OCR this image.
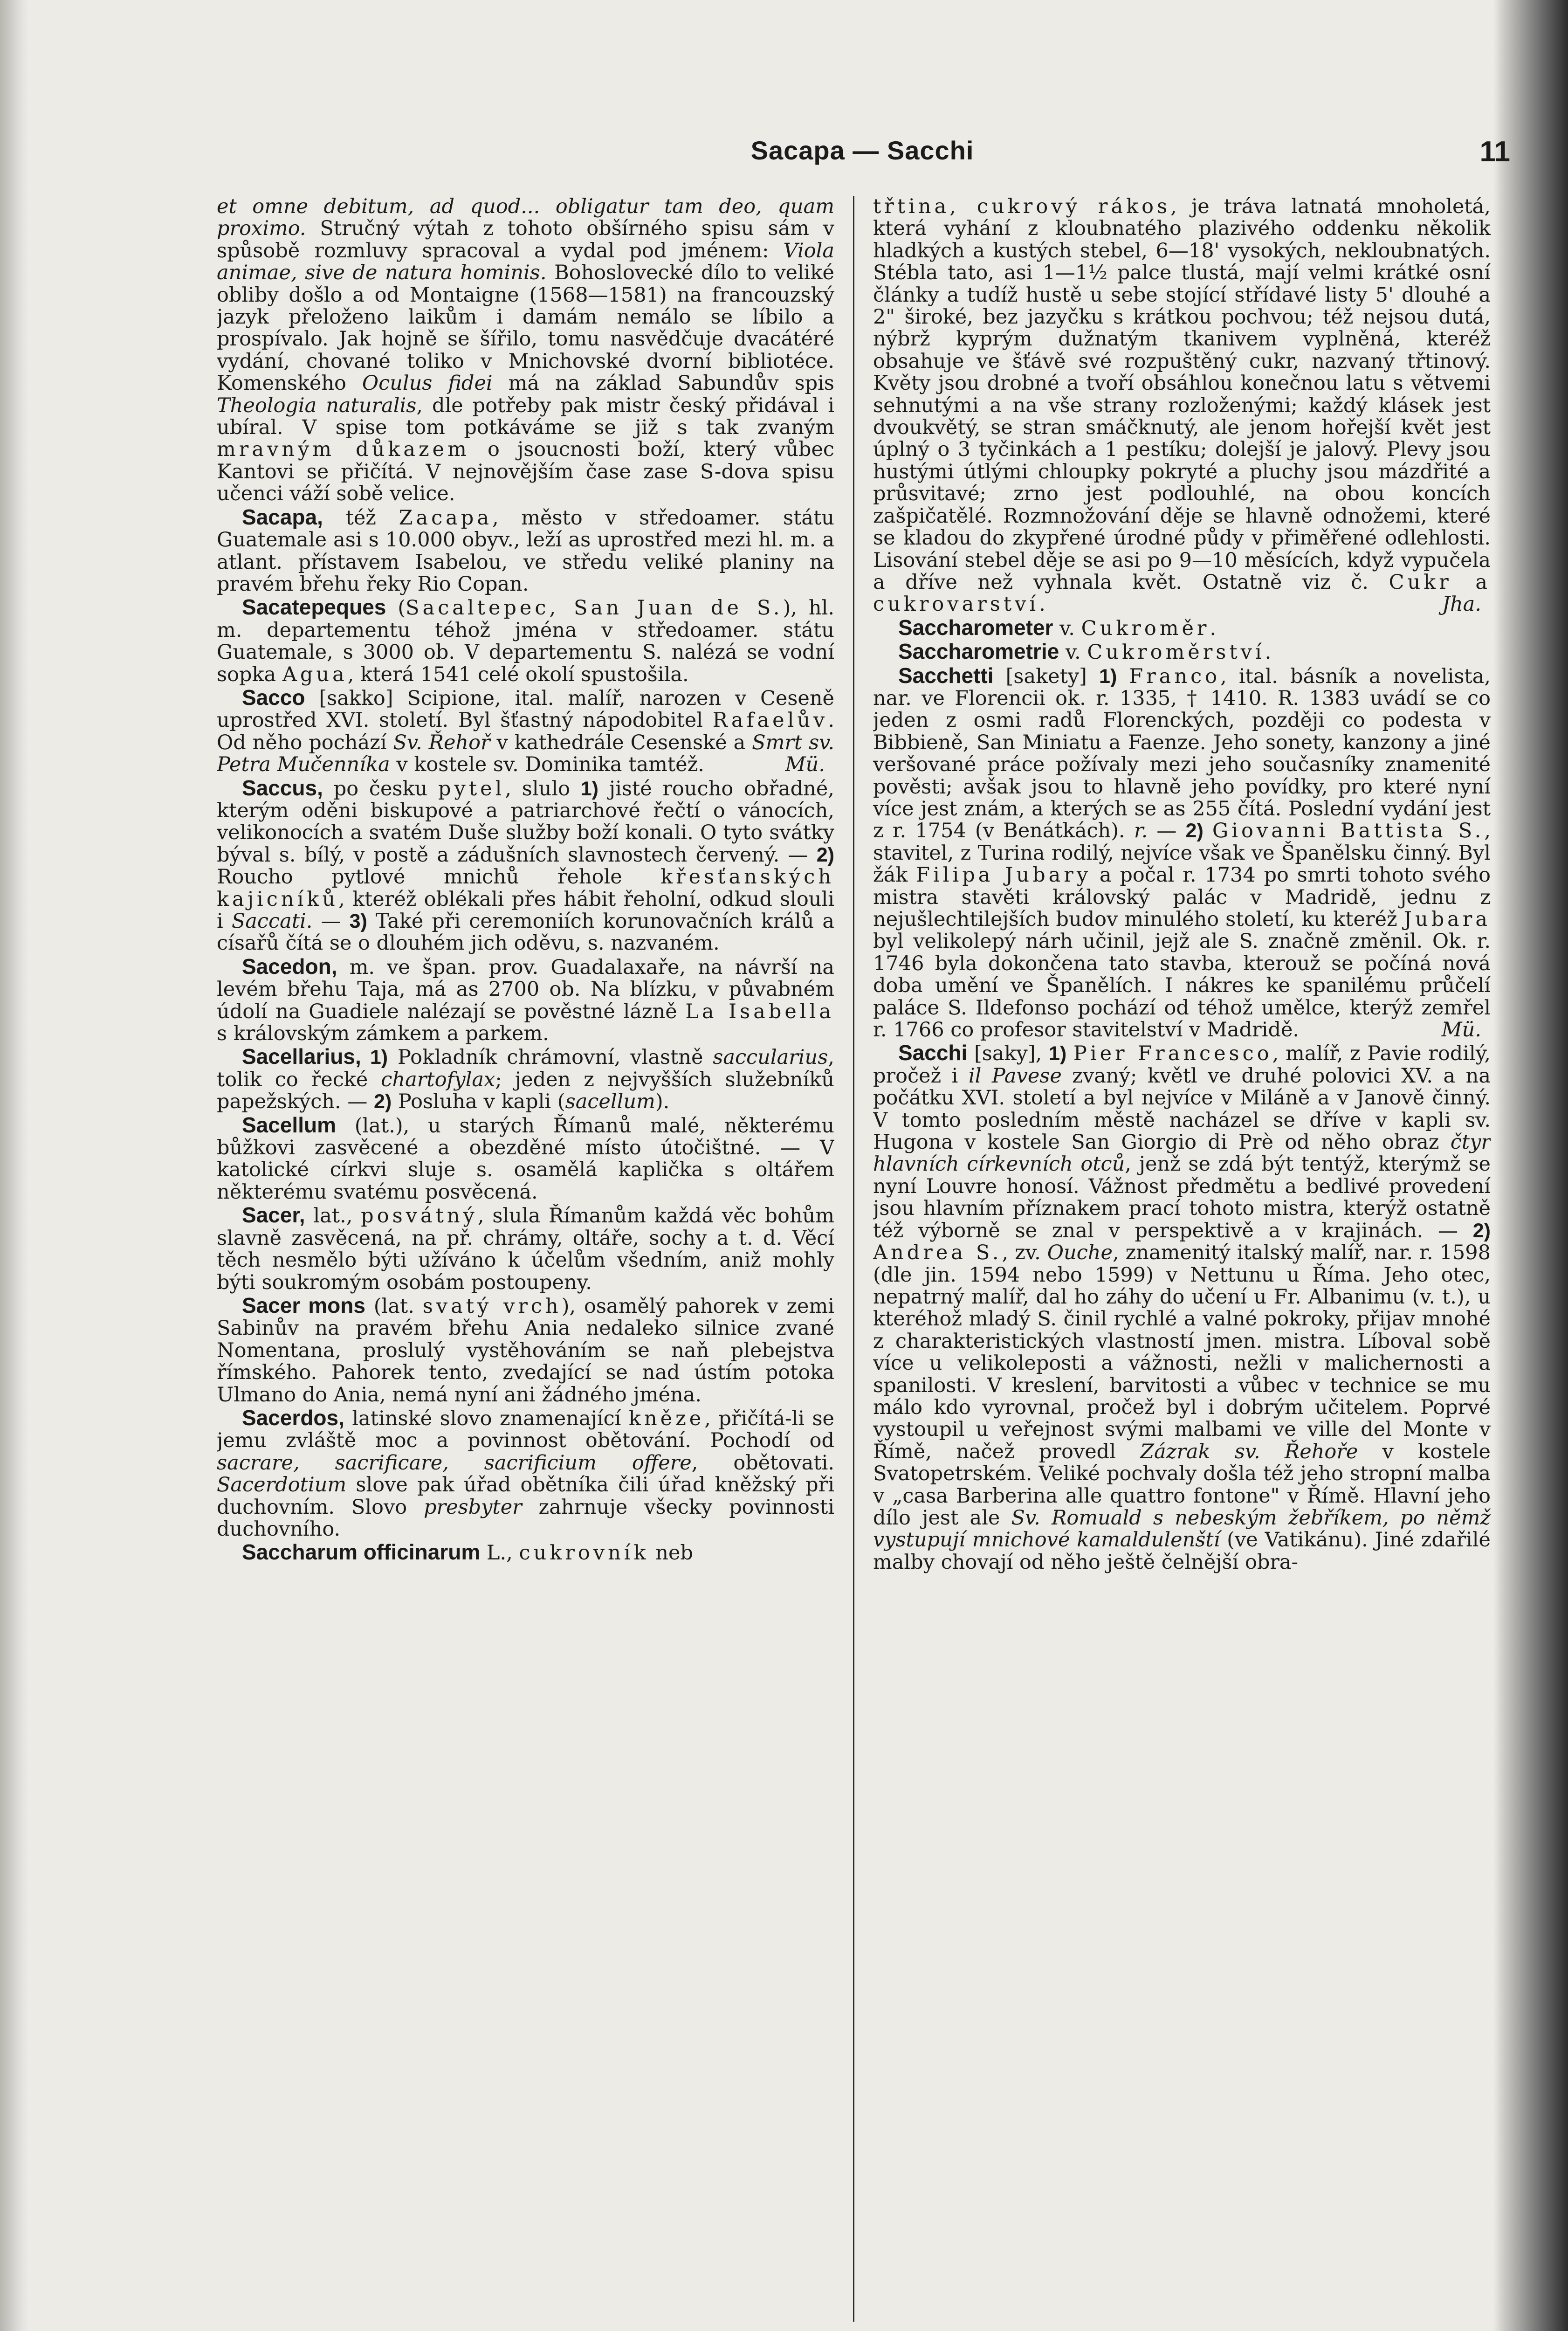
Sacapa — Sacchi	11

et omne debitum, ad quod... obligatur tam deo, quam proximo. Stručný výtah z tohoto obšírného spisu sám v spůsobě rozmluvy spracoval a vydal pod jménem: Viola animae, sive de natura hominis. Bohoslovecké dílo to veliké obliby došlo a od Montaigne (1568—1581) na francouzský jazyk přeloženo laikům i damám nemálo se líbilo a prospívalo. Jak hojně se šířilo, tomu nasvědčuje dvacátéré vydání, chované toliko v Mnichovské dvorní bibliotéce. Komenského Oculus fidei má na základ Sabundův spis Theologia naturalis, dle potřeby pak mistr český přidával i ubíral. V spise tom potkáváme se již s tak zvaným mravným důkazem o jsoucnosti boží, který vůbec Kantovi se přičítá. V nejnovějším čase zase S-dova spisu učenci váží sobě velice.

Sacapa, též Zacapa, město v středoamer. státu Guatemale asi s 10.000 obyv., leží as uprostřed mezi hl. m. a atlant. přístavem Isabelou, ve středu veliké planiny na pravém břehu řeky Rio Copan.

Sacatepeques (Sacaltepec, San Juan de S.), hl. m. departementu téhož jména v středoamer. státu Guatemale, s 3000 ob. V departementu S. nalézá se vodní sopka Agua, která 1541 celé okolí spustošila.

Sacco [sakko] Scipione, ital. malíř, narozen v Ceseně uprostřed XVI. století. Byl šťastný nápodobitel Rafaelův. Od něho pochází Sv. Řehoř v kathedrále Cesenské a Smrt sv. Petra Mučenníka v kostele sv. Dominika tamtéž.	Mü.

Saccus, po česku pytel, slulo 1) jisté roucho obřadné, kterým oděni biskupové a patriarchové řečtí o vánocích, velikonocích a svatém Duše služby boží konali. O tyto svátky býval s. bílý, v postě a zádušních slavnostech červený. — 2) Roucho pytlové mnichů řehole křesťanských kajicníků, kteréž oblékali přes hábit řeholní, odkud slouli i Saccati. — 3) Také při ceremoniích korunovačních králů a císařů čítá se o dlouhém jich oděvu, s. nazvaném.

Sacedon, m. ve špan. prov. Guadalaxaře, na návrší na levém břehu Taja, má as 2700 ob. Na blízku, v půvabném údolí na Guadiele nalézají se pověstné lázně La Isabella s královským zámkem a parkem.

Sacellarius, 1) Pokladník chrámovní, vlastně saccularius, tolik co řecké chartofylax; jeden z nejvyšších služebníků papežských. — 2) Posluha v kapli (sacellum).

Sacellum (lat.), u starých Římanů malé, některému bůžkovi zasvěcené a obezděné místo útočištné. — V katolické církvi sluje s. osamělá kaplička s oltářem některému svatému posvěcená.

Sacer, lat., posvátný, slula Římanům každá věc bohům slavně zasvěcená, na př. chrámy, oltáře, sochy a t. d. Věcí těch nesmělo býti užíváno k účelům všedním, aniž mohly býti soukromým osobám postoupeny.

Sacer mons (lat. svatý vrch), osamělý pahorek v zemi Sabinův na pravém břehu Ania nedaleko silnice zvané Nomentana, proslulý vystěhováním se naň plebejstva římského. Pahorek tento, zvedající se nad ústím potoka Ulmano do Ania, nemá nyní ani žádného jména.

Sacerdos, latinské slovo znamenající kněze, přičítá-li se jemu zvláště moc a povinnost obětování. Pochodí od sacrare, sacrificare, sacrificium offere, obětovati. Sacerdotium slove pak úřad obětníka čili úřad kněžský při duchovním. Slovo presbyter zahrnuje všecky povinnosti duchovního.

Saccharum officinarum L., cukrovník neb

třtina, cukrový rákos, je tráva latnatá mnoholetá, která vyhání z kloubnatého plazivého oddenku několik hladkých a kustých stebel, 6—18' vysokých, nekloubnatých. Stébla tato, asi 1—1½ palce tlustá, mají velmi krátké osní články a tudíž hustě u sebe stojící střídavé listy 5' dlouhé a 2" široké, bez jazyčku s krátkou pochvou; též nejsou dutá, nýbrž kyprým dužnatým tkanivem vyplněná, kteréž obsahuje ve šťávě své rozpuštěný cukr, nazvaný třtinový. Květy jsou drobné a tvoří obsáhlou konečnou latu s větvemi sehnutými a na vše strany rozloženými; každý klásek jest dvoukvětý, se stran smáčknutý, ale jenom hořejší květ jest úplný o 3 tyčinkách a 1 pestíku; dolejší je jalový. Plevy jsou hustými útlými chloupky pokryté a pluchy jsou mázdřité a průsvitavé; zrno jest podlouhlé, na obou koncích zašpičatělé. Rozmnožování děje se hlavně odnožemi, které se kladou do zkypřené úrodné půdy v přiměřené odlehlosti. Lisování stebel děje se asi po 9—10 měsících, když vypučela a dříve než vyhnala květ. Ostatně viz č. Cukr a cukrovarství.	Jha.

Saccharometer v. Cukroměr.

Saccharometrie v. Cukroměrství.

Sacchetti [sakety] 1) Franco, ital. básník a novelista, nar. ve Florencii ok. r. 1335, † 1410. R. 1383 uvádí se co jeden z osmi radů Florenckých, později co podesta v Bibbieně, San Miniatu a Faenze. Jeho sonety, kanzony a jiné veršované práce požívaly mezi jeho současníky znamenité pověsti; avšak jsou to hlavně jeho povídky, pro které nyní více jest znám, a kterých se as 255 čítá. Poslední vydání jest z r. 1754 (v Benátkách). r. — 2) Giovanni Battista S., stavitel, z Turina rodilý, nejvíce však ve Španělsku činný. Byl žák Filipa Jubary a počal r. 1734 po smrti tohoto svého mistra stavěti královský palác v Madridě, jednu z nejušlechtilejších budov minulého století, ku kteréž Jubara byl velikolepý nárh učinil, jejž ale S. značně změnil. Ok. r. 1746 byla dokončena tato stavba, kterouž se počíná nová doba umění ve Španělích. I nákres ke spanilému průčelí paláce S. Ildefonso pochází od téhož umělce, kterýž zemřel r. 1766 co profesor stavitelství v Madridě.	Mü.

Sacchi [saky], 1) Pier Francesco, malíř, z Pavie rodilý, pročež i il Pavese zvaný; květl ve druhé polovici XV. a na počátku XVI. století a byl nejvíce v Miláně a v Janově činný. V tomto posledním městě nacházel se dříve v kapli sv. Hugona v kostele San Giorgio di Prè od něho obraz čtyr hlavních církevních otců, jenž se zdá být tentýž, kterýmž se nyní Louvre honosí. Vážnost předmětu a bedlivé provedení jsou hlavním příznakem prací tohoto mistra, kterýž ostatně též výborně se znal v perspektivě a v krajinách. — 2) Andrea S., zv. Ouche, znamenitý italský malíř, nar. r. 1598 (dle jin. 1594 nebo 1599) v Nettunu u Říma. Jeho otec, nepatrný malíř, dal ho záhy do učení u Fr. Albanimu (v. t.), u kteréhož mladý S. činil rychlé a valné pokroky, přijav mnohé z charakteristických vlastností jmen. mistra. Líboval sobě více u velikoleposti a vážnosti, nežli v malichernosti a spanilosti. V kreslení, barvitosti a vůbec v technice se mu málo kdo vyrovnal, pročež byl i dobrým učitelem. Poprvé vystoupil u veřejnost svými malbami ve ville del Monte v Římě, načež provedl Zázrak sv. Řehoře v kostele Svatopetrském. Veliké pochvaly došla též jeho stropní malba v „casa Barberina alle quattro fontone" v Římě. Hlavní jeho dílo jest ale Sv. Romuald s nebeským žebříkem, po němž vystupují mnichové kamaldulenští (ve Vatikánu). Jiné zdařilé malby chovají od něho ještě čelnější obra-
